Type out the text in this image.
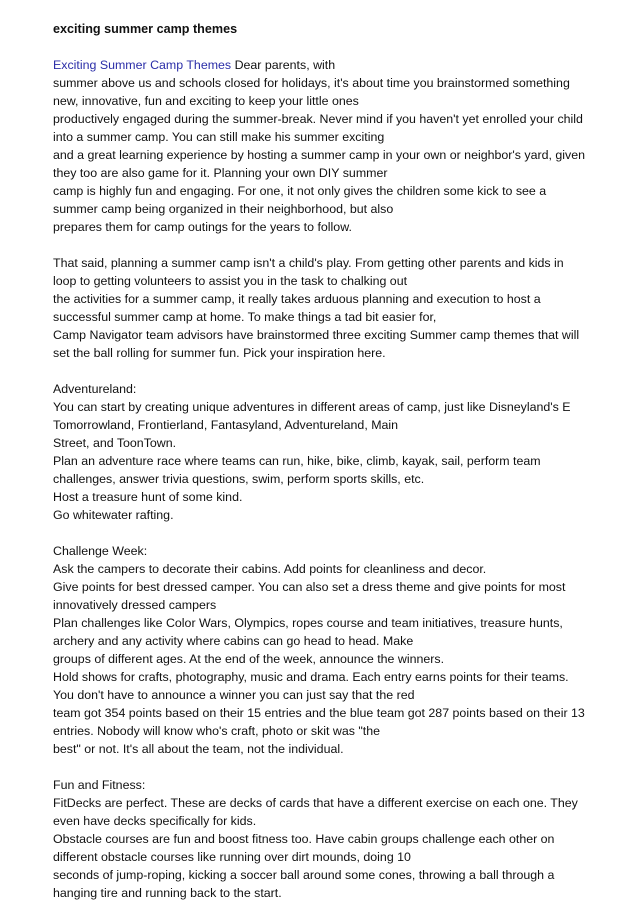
exciting summer camp themes
Exciting Summer Camp Themes Dear parents, with
summer above us and schools closed for holidays, it's about time you brainstormed something
new, innovative, fun and exciting to keep your little ones
productively engaged during the summer-break. Never mind if you haven't yet enrolled your child
into a summer camp. You can still make his summer exciting
and a great learning experience by hosting a summer camp in your own or neighbor's yard, given
they too are also game for it. Planning your own DIY summer
camp is highly fun and engaging. For one, it not only gives the children some kick to see a
summer camp being organized in their neighborhood, but also
prepares them for camp outings for the years to follow.
That said, planning a summer camp isn't a child's play. From getting other parents and kids in
loop to getting volunteers to assist you in the task to chalking out
the activities for a summer camp, it really takes arduous planning and execution to host a
successful summer camp at home. To make things a tad bit easier for,
Camp Navigator team advisors have brainstormed three exciting Summer camp themes that will
set the ball rolling for summer fun. Pick your inspiration here.
Adventureland:
You can start by creating unique adventures in different areas of camp, just like Disneyland's E
Tomorrowland, Frontierland, Fantasyland, Adventureland, Main
Street, and ToonTown.
Plan an adventure race where teams can run, hike, bike, climb, kayak, sail, perform team
challenges, answer trivia questions, swim, perform sports skills, etc.
Host a treasure hunt of some kind.
Go whitewater rafting.
Challenge Week:
Ask the campers to decorate their cabins. Add points for cleanliness and decor.
Give points for best dressed camper. You can also set a dress theme and give points for most
innovatively dressed campers
Plan challenges like Color Wars, Olympics, ropes course and team initiatives, treasure hunts,
archery and any activity where cabins can go head to head. Make
groups of different ages. At the end of the week, announce the winners.
Hold shows for crafts, photography, music and drama. Each entry earns points for their teams.
You don't have to announce a winner you can just say that the red
team got 354 points based on their 15 entries and the blue team got 287 points based on their 13
entries. Nobody will know who's craft, photo or skit was "the
best" or not. It's all about the team, not the individual.
Fun and Fitness:
FitDecks are perfect. These are decks of cards that have a different exercise on each one. They
even have decks specifically for kids.
Obstacle courses are fun and boost fitness too. Have cabin groups challenge each other on
different obstacle courses like running over dirt mounds, doing 10
seconds of jump-roping, kicking a soccer ball around some cones, throwing a ball through a
hanging tire and running back to the start.
